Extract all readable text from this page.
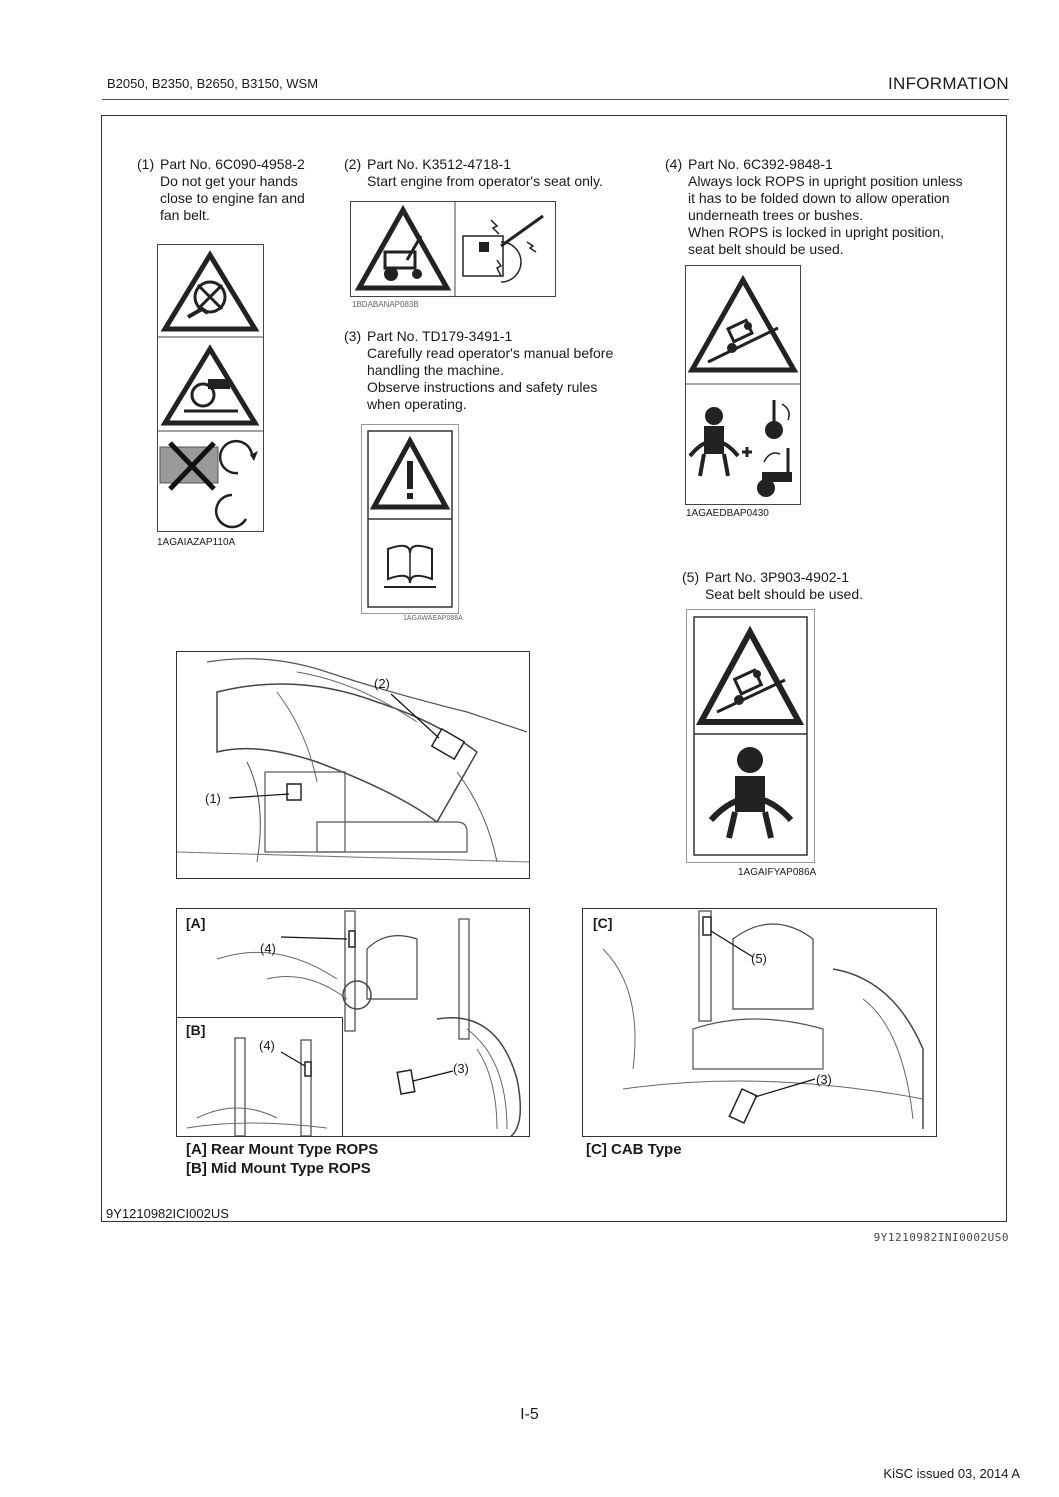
B2050, B2350, B2650, B3150, WSM	INFORMATION
(1) Part No. 6C090-4958-2
Do not get your hands
close to engine fan and
fan belt.
1AGAIAZAP110A
(2) Part No. K3512-4718-1
Start engine from operator's seat only.
1BDABANAP083B
(3) Part No. TD179-3491-1
Carefully read operator's manual before
handling the machine.
Observe instructions and safety rules
when operating.
1AGAWAEAP088A
(4) Part No. 6C392-9848-1
Always lock ROPS in upright position unless
it has to be folded down to allow operation
underneath trees or bushes.
When ROPS is locked in upright position,
seat belt should be used.
1AGAEDBAP0430
(5) Part No. 3P903-4902-1
Seat belt should be used.
1AGAIFYAP086A
(2)
(1)
[A]
(4)
(3)
[B]
(4)
[C]
(5)
(3)
[A] Rear Mount Type ROPS
[B] Mid Mount Type ROPS
[C] CAB Type
9Y1210982ICI002US
9Y1210982INI0002US0
I-5
KiSC issued 03, 2014 A
